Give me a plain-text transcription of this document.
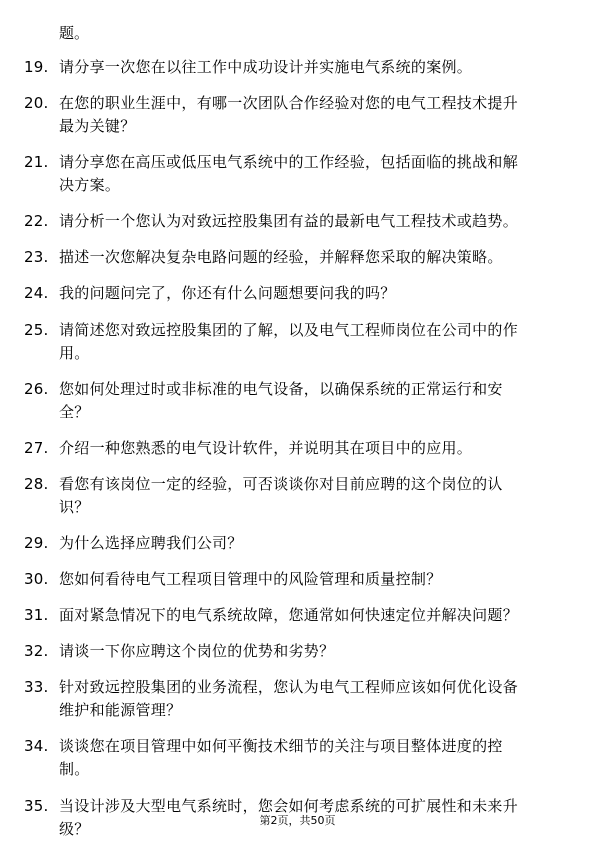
题。
19. 请分享一次您在以往工作中成功设计并实施电气系统的案例。
20. 在您的职业生涯中，有哪一次团队合作经验对您的电气工程技术提升最为关键？
21. 请分享您在高压或低压电气系统中的工作经验，包括面临的挑战和解决方案。
22. 请分析一个您认为对致远控股集团有益的最新电气工程技术或趋势。
23. 描述一次您解决复杂电路问题的经验，并解释您采取的解决策略。
24. 我的问题问完了，你还有什么问题想要问我的吗？
25. 请简述您对致远控股集团的了解，以及电气工程师岗位在公司中的作用。
26. 您如何处理过时或非标准的电气设备，以确保系统的正常运行和安全？
27. 介绍一种您熟悉的电气设计软件，并说明其在项目中的应用。
28. 看您有该岗位一定的经验，可否谈谈你对目前应聘的这个岗位的认识？
29. 为什么选择应聘我们公司？
30. 您如何看待电气工程项目管理中的风险管理和质量控制？
31. 面对紧急情况下的电气系统故障，您通常如何快速定位并解决问题？
32. 请谈一下你应聘这个岗位的优势和劣势？
33. 针对致远控股集团的业务流程，您认为电气工程师应该如何优化设备维护和能源管理？
34. 谈谈您在项目管理中如何平衡技术细节的关注与项目整体进度的控制。
35. 当设计涉及大型电气系统时，您会如何考虑系统的可扩展性和未来升级？	第2页，共50页
